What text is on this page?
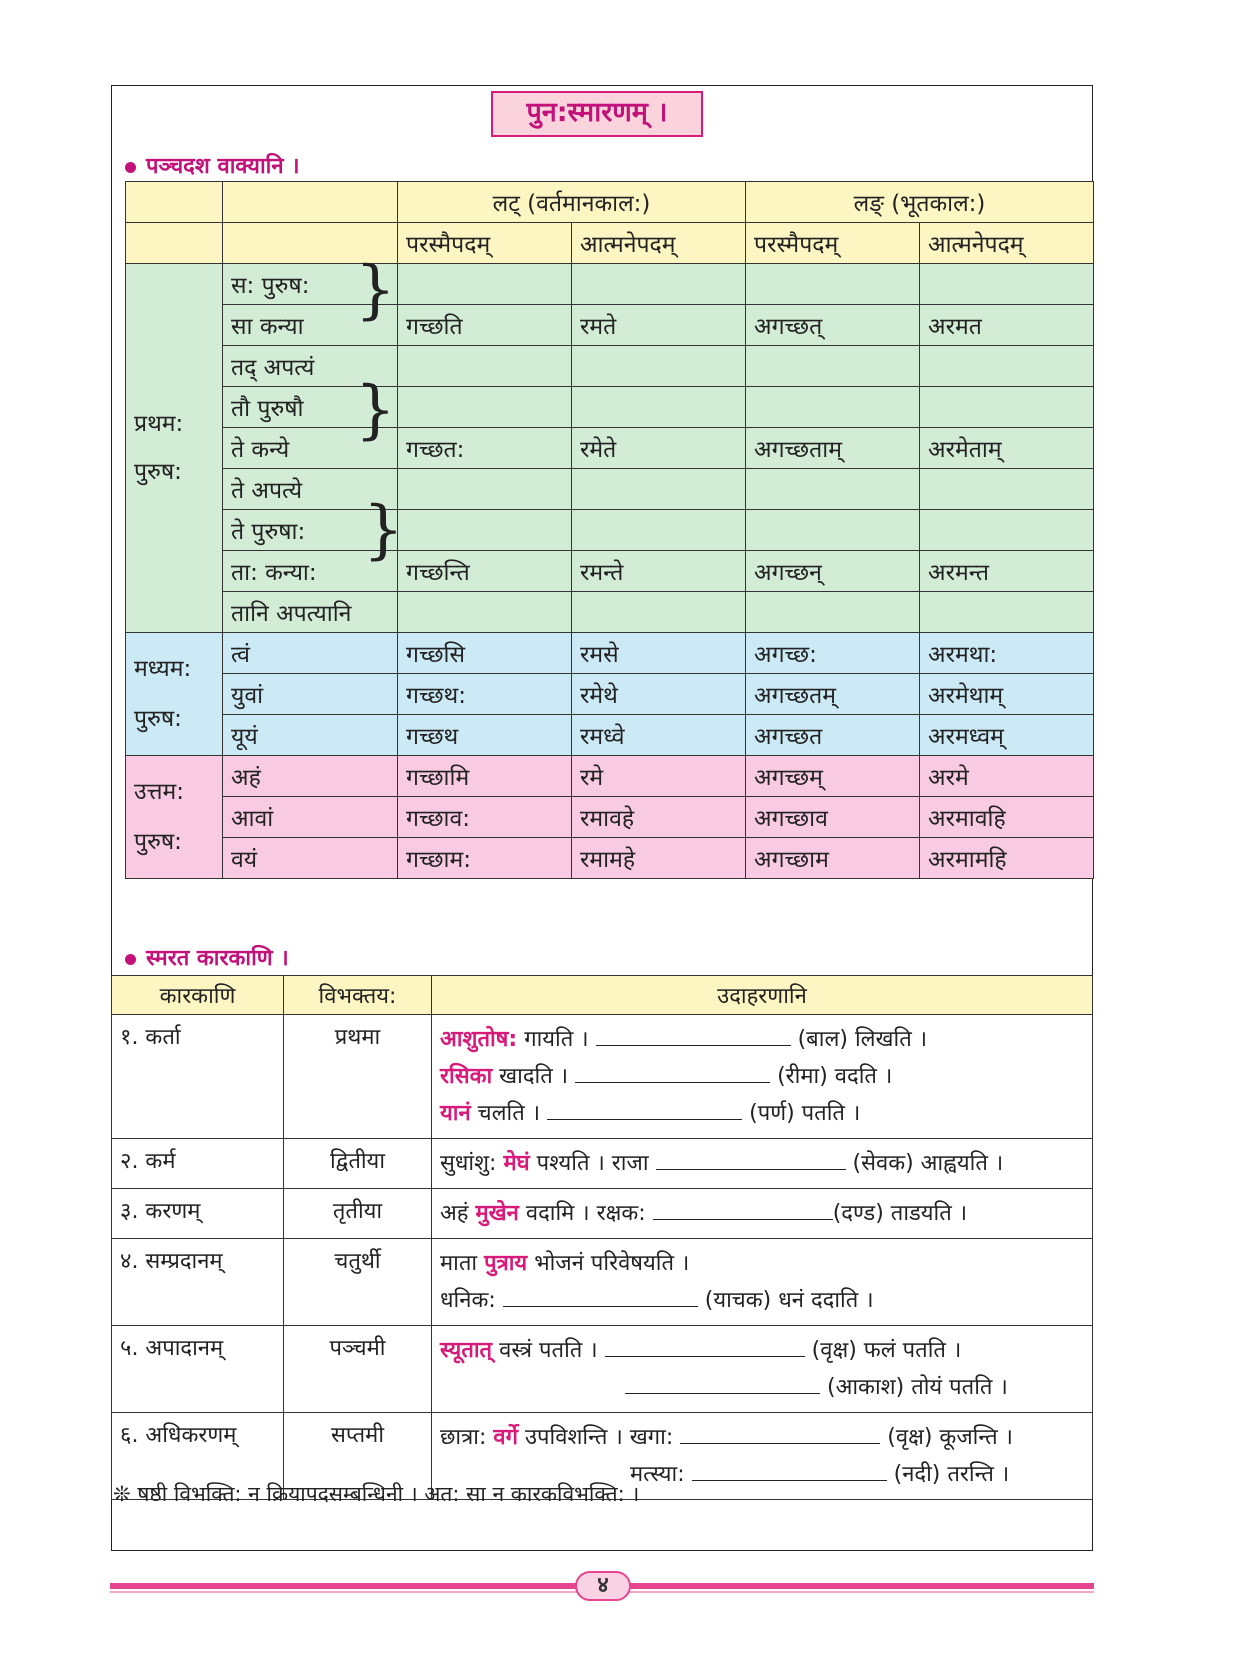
पुन:स्मारणम् ।
पञ्चदश वाक्यानि ।
		लट् (वर्तमानकाल:)		लङ् (भूतकाल:)	
		परस्मैपदम्	आत्मनेपदम्	परस्मैपदम्	आत्मनेपदम्

प्रथम:
पुरुष:	स: पुरुष:				
	सा कन्या	गच्छति	रमते	अगच्छत्	अरमत
	तद् अपत्यं				
	तौ पुरुषौ				
	ते कन्ये	गच्छत:	रमेते	अगच्छताम्	अरमेताम्
	ते अपत्ये				
	ते पुरुषा:				
	ता: कन्या:	गच्छन्ति	रमन्ते	अगच्छन्	अरमन्त
	तानि अपत्यानि				

मध्यम:
पुरुष:	त्वं	गच्छसि	रमसे	अगच्छ:	अरमथा:
	युवां	गच्छथ:	रमेथे	अगच्छतम्	अरमेथाम्
	यूयं	गच्छथ	रमध्वे	अगच्छत	अरमध्वम्

उत्तम:
पुरुष:	अहं	गच्छामि	रमे	अगच्छम्	अरमे
	आवां	गच्छाव:	रमावहे	अगच्छाव	अरमावहि
	वयं	गच्छाम:	रमामहे	अगच्छाम	अरमामहि
}
}
}
स्मरत कारकाणि ।
कारकाणि	विभक्तय:	उदाहरणानि
१. कर्ता	प्रथमा	आशुतोष: गायति । (बाल) लिखति ।
रसिका खादति । (रीमा) वदति ।
यानं चलति । (पर्ण) पतति ।

२. कर्म	द्वितीया	सुधांशु: मेघं पश्यति । राजा (सेवक) आह्वयति ।

३. करणम्	तृतीया	अहं मुखेन वदामि । रक्षक: (दण्ड) ताडयति ।

४. सम्प्रदानम्	चतुर्थी	माता पुत्राय भोजनं परिवेषयति ।
धनिक: (याचक) धनं ददाति ।

५. अपादानम्	पञ्चमी	स्यूतात् वस्त्रं पतति । (वृक्ष) फलं पतति ।
(आकाश) तोयं पतति ।

६. अधिकरणम्	सप्तमी	छात्रा: वर्गे उपविशन्ति । खगा: (वृक्ष) कूजन्ति ।
मत्स्या: (नदी) तरन्ति ।
❊ षष्ठी विभक्ति: न क्रियापदसम्बन्धिनी । अत: सा न कारकविभक्ति: ।
४
